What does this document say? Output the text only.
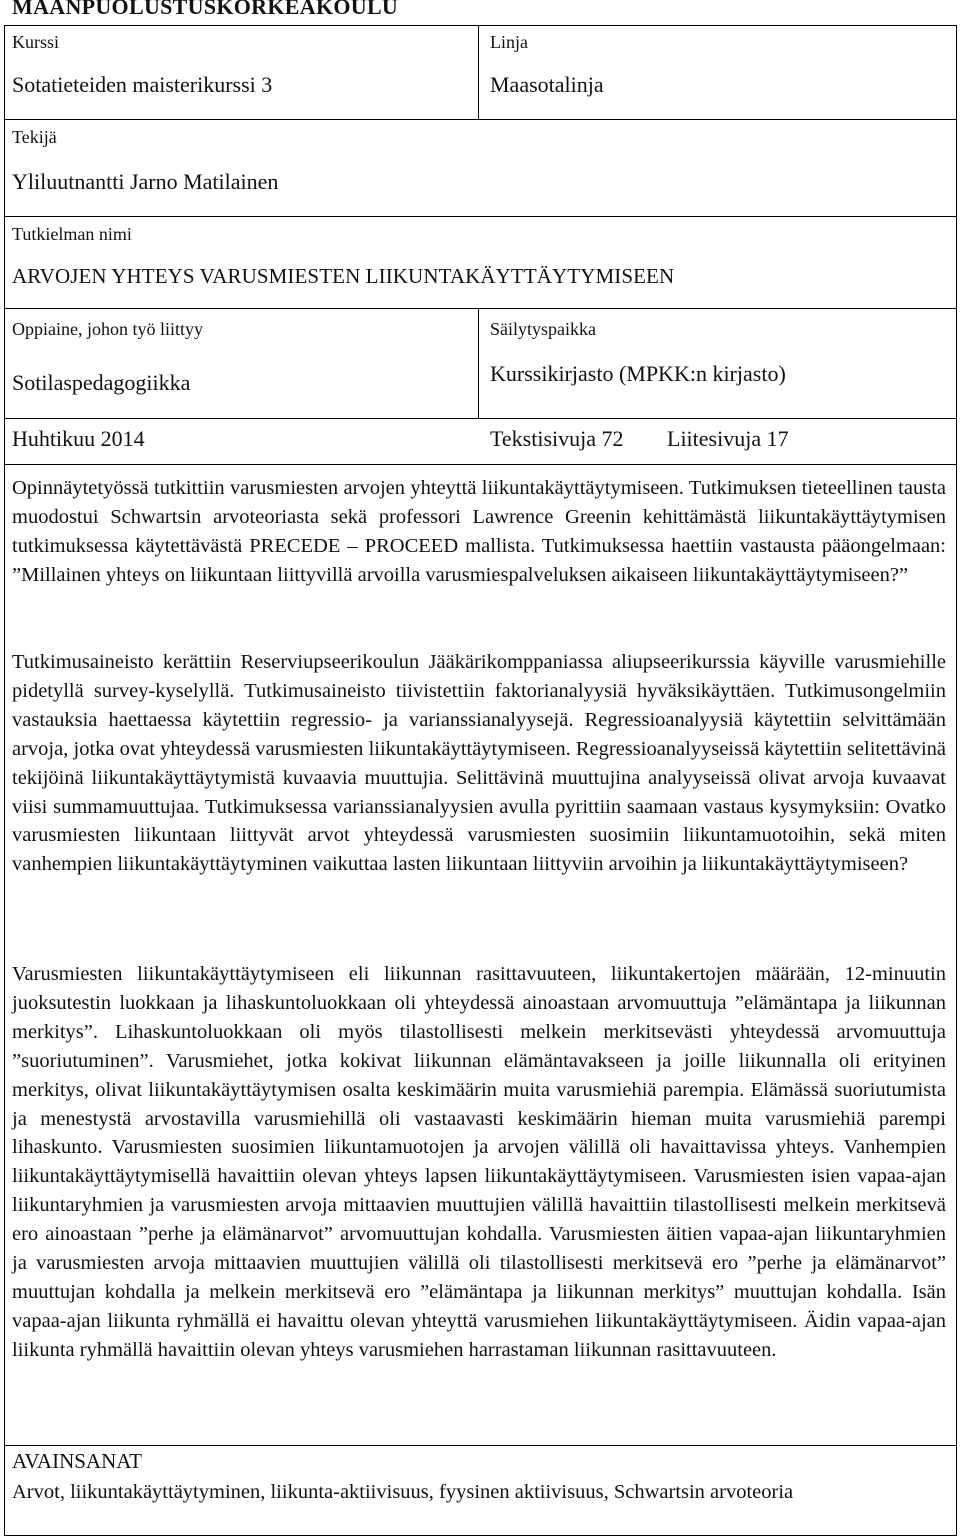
MAANPUOLUSTUSKORKEAKOULU
Kurssi
Sotatieteiden maisterikurssi 3
Linja
Maasotalinja
Tekijä
Yliluutnantti Jarno Matilainen
Tutkielman nimi
ARVOJEN YHTEYS VARUSMIESTEN LIIKUNTAKÄYTTÄYTYMISEEN
Oppiaine, johon työ liittyy
Sotilaspedagogiikka
Säilytyspaikka
Kurssikirjasto (MPKK:n kirjasto)
Huhtikuu 2014	Tekstisivuja 72 Liitesivuja 17

Opinnäytetyössä tutkittiin varusmiesten arvojen yhteyttä liikuntakäyttäytymiseen. Tutkimuksen tieteellinen tausta muodostui Schwartsin arvoteoriasta sekä professori Lawrence Greenin kehittämästä liikuntakäyttäytymisen tutkimuksessa käytettävästä PRECEDE – PROCEED mallista. Tutkimuksessa haettiin vastausta pääongelmaan: ”Millainen yhteys on liikuntaan liittyvillä arvoilla varusmiespalveluksen aikaiseen liikuntakäyttäytymiseen?”

Tutkimusaineisto kerättiin Reserviupseerikoulun Jääkärikomppaniassa aliupseerikurssia käyville varusmiehille pidetyllä survey-kyselyllä. Tutkimusaineisto tiivistettiin faktorianalyysiä hyväksikäyttäen. Tutkimusongelmiin vastauksia haettaessa käytettiin regressio- ja varianssianalyysejä. Regressioanalyysiä käytettiin selvittämään arvoja, jotka ovat yhteydessä varusmiesten liikuntakäyttäytymiseen. Regressioanalyyseissä käytettiin selitettävinä tekijöinä liikuntakäyttäytymistä kuvaavia muuttujia. Selittävinä muuttujina analyyseissä olivat arvoja kuvaavat viisi summamuuttujaa. Tutkimuksessa varianssianalyysien avulla pyrittiin saamaan vastaus kysymyksiin: Ovatko varusmiesten liikuntaan liittyvät arvot yhteydessä varusmiesten suosimiin liikuntamuotoihin, sekä miten vanhempien liikuntakäyttäytyminen vaikuttaa lasten liikuntaan liittyviin arvoihin ja liikuntakäyttäytymiseen?

Varusmiesten liikuntakäyttäytymiseen eli liikunnan rasittavuuteen, liikuntakertojen määrään, 12-minuutin juoksutestin luokkaan ja lihaskuntoluokkaan oli yhteydessä ainoastaan arvomuuttuja ”elämäntapa ja liikunnan merkitys”. Lihaskuntoluokkaan oli myös tilastollisesti melkein merkitsevästi yhteydessä arvomuuttuja ”suoriutuminen”. Varusmiehet, jotka kokivat liikunnan elämäntavakseen ja joille liikunnalla oli erityinen merkitys, olivat liikuntakäyttäytymisen osalta keskimäärin muita varusmiehiä parempia. Elämässä suoriutumista ja menestystä arvostavilla varusmiehillä oli vastaavasti keskimäärin hieman muita varusmiehiä parempi lihaskunto. Varusmiesten suosimien liikuntamuotojen ja arvojen välillä oli havaittavissa yhteys. Vanhempien liikuntakäyttäytymisellä havaittiin olevan yhteys lapsen liikuntakäyttäytymiseen. Varusmiesten isien vapaa-ajan liikuntaryhmien ja varusmiesten arvoja mittaavien muuttujien välillä havaittiin tilastollisesti melkein merkitsevä ero ainoastaan ”perhe ja elämänarvot” arvomuuttujan kohdalla. Varusmiesten äitien vapaa-ajan liikuntaryhmien ja varusmiesten arvoja mittaavien muuttujien välillä oli tilastollisesti merkitsevä ero ”perhe ja elämänarvot” muuttujan kohdalla ja melkein merkitsevä ero ”elämäntapa ja liikunnan merkitys” muuttujan kohdalla. Isän vapaa-ajan liikunta ryhmällä ei havaittu olevan yhteyttä varusmiehen liikuntakäyttäytymiseen. Äidin vapaa-ajan liikunta ryhmällä havaittiin olevan yhteys varusmiehen harrastaman liikunnan rasittavuuteen.

AVAINSANAT

Arvot, liikuntakäyttäytyminen, liikunta-aktiivisuus, fyysinen aktiivisuus, Schwartsin arvoteoria
